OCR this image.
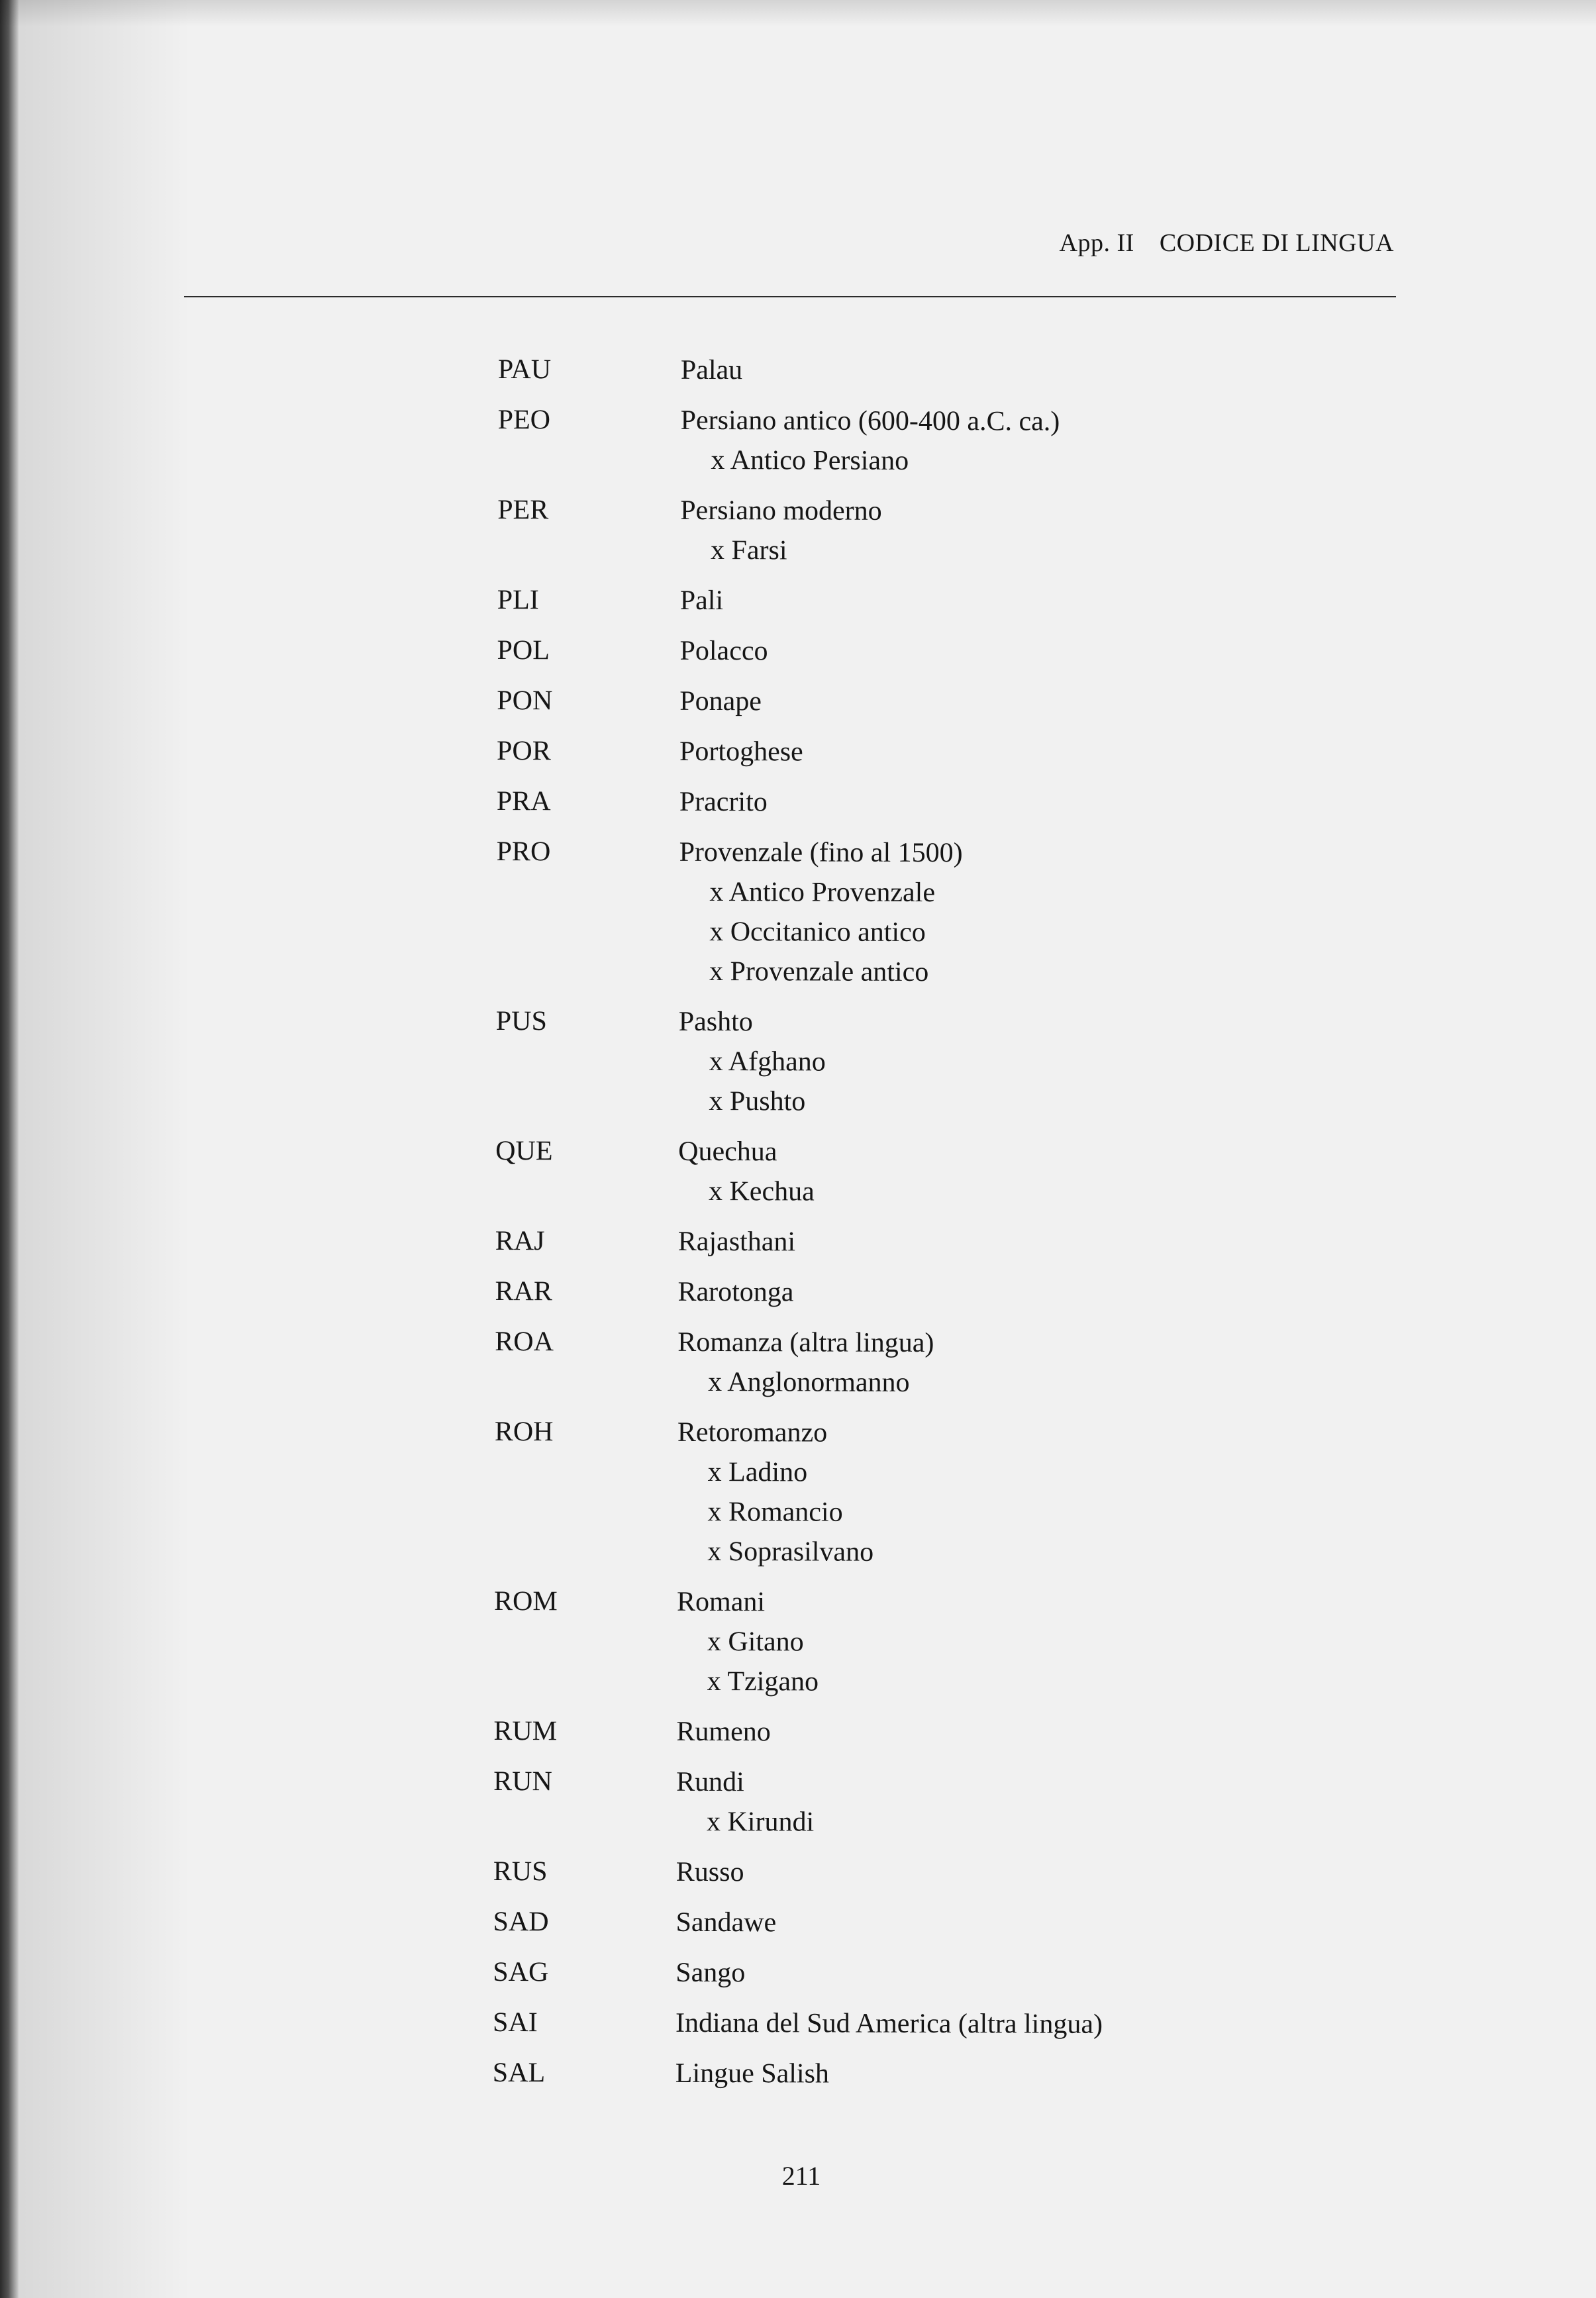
App. II CODICE DI LINGUA
PAU	Palau
PEO	Persiano antico (600-400 a.C. ca.)
x Antico Persiano
PER	Persiano moderno
x Farsi
PLI	Pali
POL	Polacco
PON	Ponape
POR	Portoghese
PRA	Pracrito
PRO	Provenzale (fino al 1500)
x Antico Provenzale
x Occitanico antico
x Provenzale antico
PUS	Pashto
x Afghano
x Pushto
QUE	Quechua
x Kechua
RAJ	Rajasthani
RAR	Rarotonga
ROA	Romanza (altra lingua)
x Anglonormanno
ROH	Retoromanzo
x Ladino
x Romancio
x Soprasilvano
ROM	Romani
x Gitano
x Tzigano
RUM	Rumeno
RUN	Rundi
x Kirundi
RUS	Russo
SAD	Sandawe
SAG	Sango
SAI	Indiana del Sud America (altra lingua)
SAL	Lingue Salish
211
